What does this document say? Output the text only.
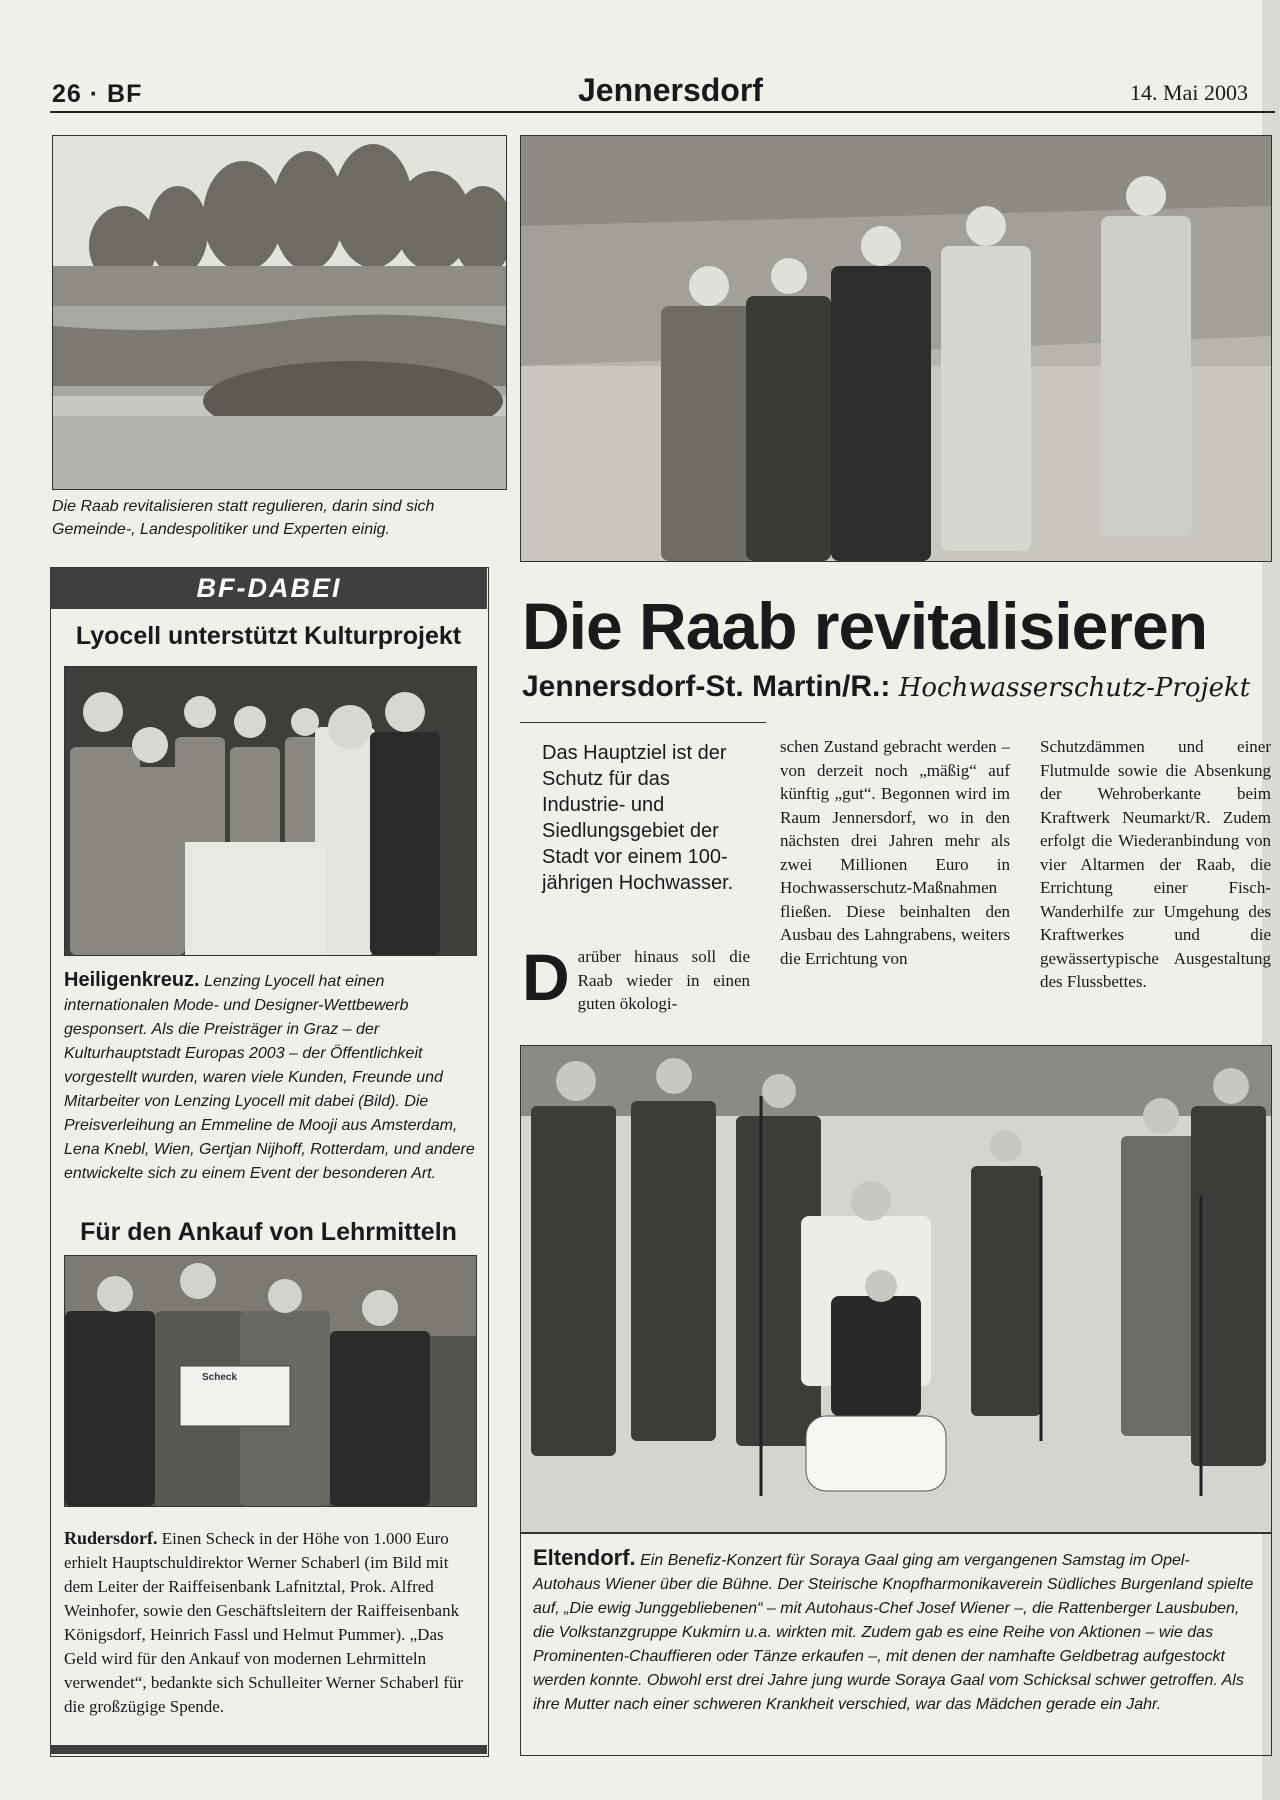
26 · BF	Jennersdorf	14. Mai 2003
Die Raab revitalisieren statt regulieren, darin sind sich Gemeinde-, Landespolitiker und Experten einig.
BF-DABEI
Lyocell unterstützt Kulturprojekt
Heiligenkreuz. Lenzing Lyocell hat einen internationalen Mode- und Designer-Wettbewerb gesponsert. Als die Preisträger in Graz – der Kulturhauptstadt Europas 2003 – der Öffentlichkeit vorgestellt wurden, waren viele Kunden, Freunde und Mitarbeiter von Lenzing Lyocell mit dabei (Bild). Die Preisverleihung an Emmeline de Mooji aus Amsterdam, Lena Knebl, Wien, Gertjan Nijhoff, Rotterdam, und andere entwickelte sich zu einem Event der besonderen Art.
Für den Ankauf von Lehrmitteln
Scheck
Rudersdorf. Einen Scheck in der Höhe von 1.000 Euro erhielt Hauptschuldirektor Werner Schaberl (im Bild mit dem Leiter der Raiffeisenbank Lafnitztal, Prok. Alfred Weinhofer, sowie den Geschäftsleitern der Raiffeisenbank Königsdorf, Heinrich Fassl und Helmut Pummer). „Das Geld wird für den Ankauf von modernen Lehrmitteln verwendet“, bedankte sich Schulleiter Werner Schaberl für die großzügige Spende.
Die Raab revitalisieren
Jennersdorf-St. Martin/R.: Hochwasserschutz-Projekt
Das Hauptziel ist der Schutz für das Industrie- und Siedlungsgebiet der Stadt vor einem 100-jährigen Hochwasser.
D arüber hinaus soll die Raab wieder in einen guten ökologi-
schen Zustand gebracht werden – von derzeit noch „mäßig“ auf künftig „gut“. Begonnen wird im Raum Jennersdorf, wo in den nächsten drei Jahren mehr als zwei Millionen Euro in Hochwasserschutz-Maßnahmen fließen. Diese beinhalten den Ausbau des Lahngrabens, weiters die Errichtung von
Schutzdämmen und einer Flutmulde sowie die Absenkung der Wehroberkante beim Kraftwerk Neumarkt/R. Zudem erfolgt die Wiederanbindung von vier Altarmen der Raab, die Errichtung einer Fisch-Wanderhilfe zur Umgehung des Kraftwerkes und die gewässertypische Ausgestaltung des Flussbettes.
Eltendorf. Ein Benefiz-Konzert für Soraya Gaal ging am vergangenen Samstag im Opel-Autohaus Wiener über die Bühne. Der Steirische Knopfharmonikaverein Südliches Burgenland spielte auf, „Die ewig Junggebliebenen“ – mit Autohaus-Chef Josef Wiener –, die Rattenberger Lausbuben, die Volkstanzgruppe Kukmirn u.a. wirkten mit. Zudem gab es eine Reihe von Aktionen – wie das Prominenten-Chauffieren oder Tänze erkaufen –, mit denen der namhafte Geldbetrag aufgestockt werden konnte. Obwohl erst drei Jahre jung wurde Soraya Gaal vom Schicksal schwer getroffen. Als ihre Mutter nach einer schweren Krankheit verschied, war das Mädchen gerade ein Jahr.
